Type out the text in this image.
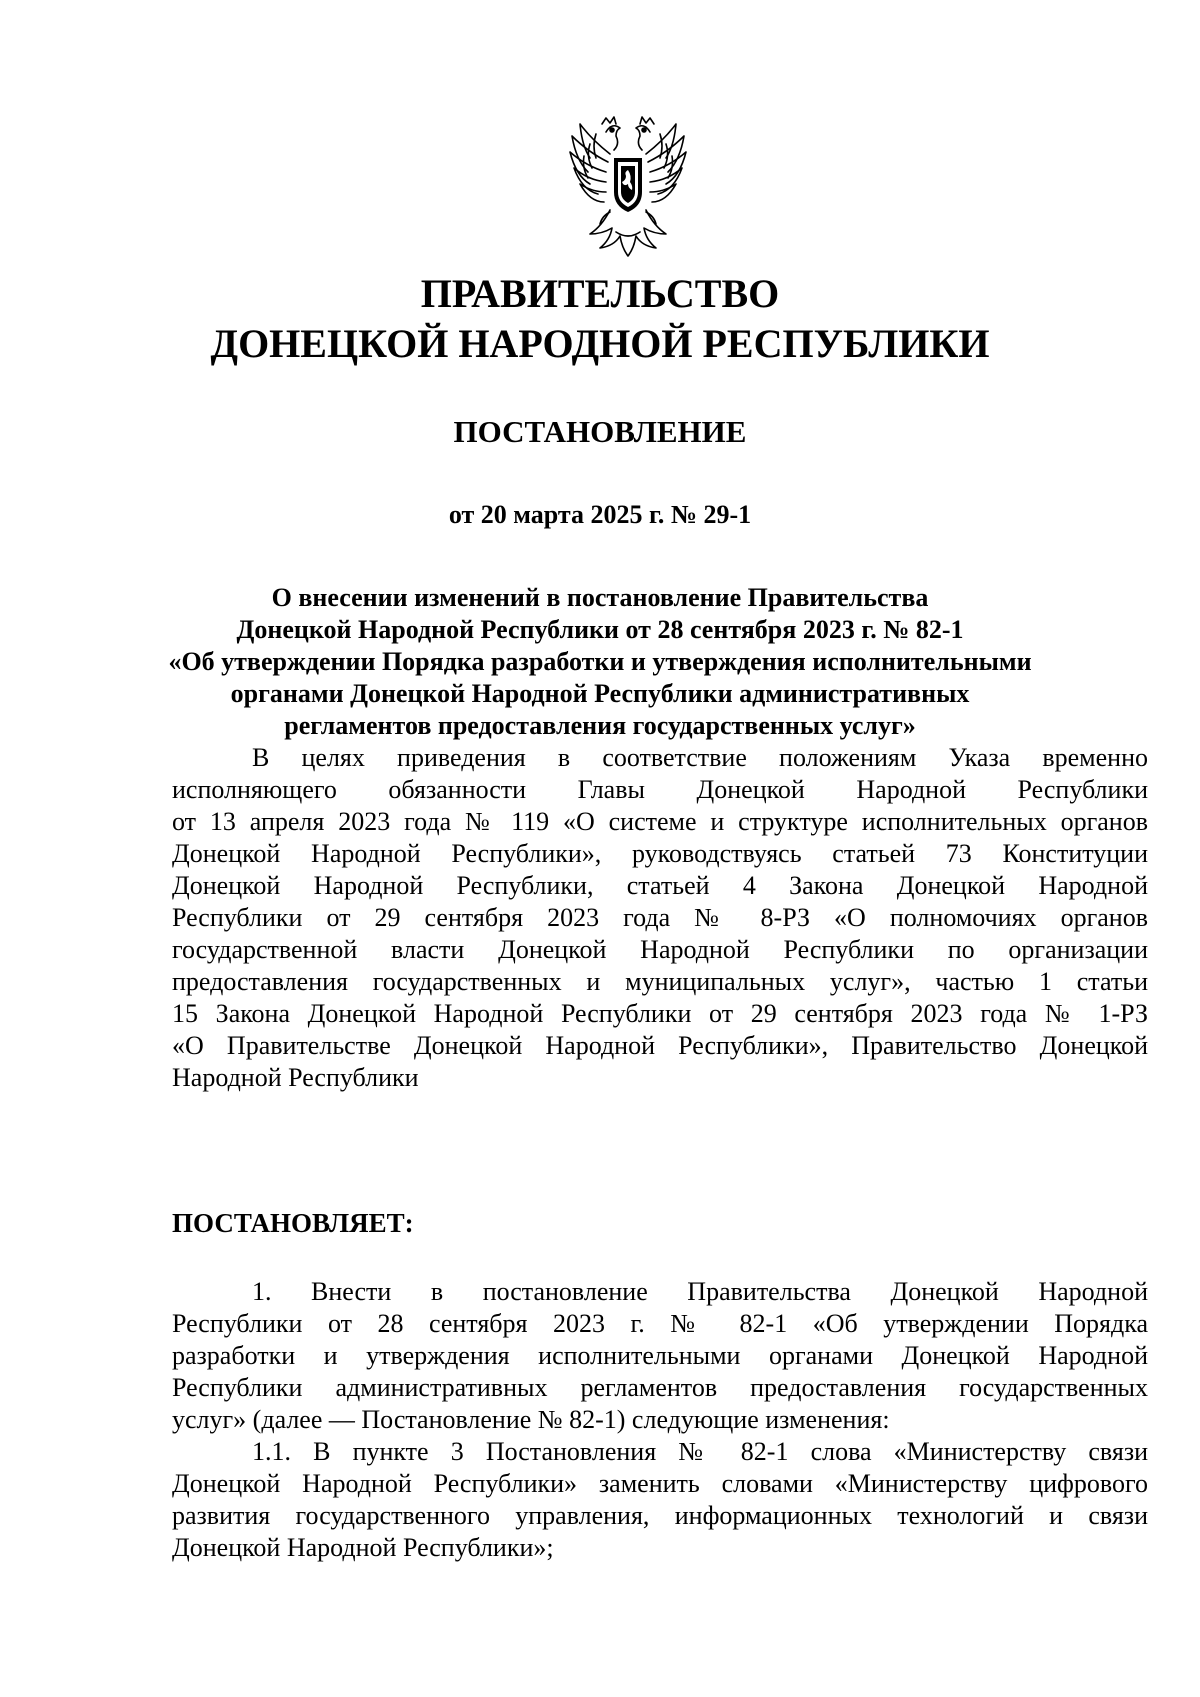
ПРАВИТЕЛЬСТВО
ДОНЕЦКОЙ НАРОДНОЙ РЕСПУБЛИКИ
ПОСТАНОВЛЕНИЕ
от 20 марта 2025 г. № 29-1
О внесении изменений в постановление Правительства
Донецкой Народной Республики от 28 сентября 2023 г. № 82-1
«Об утверждении Порядка разработки и утверждения исполнительными
органами Донецкой Народной Республики административных
регламентов предоставления государственных услуг»
В целях приведения в соответствие положениям Указа временно
исполняющего обязанности Главы Донецкой Народной Республики
от 13 апреля 2023 года № 119 «О системе и структуре исполнительных органов
Донецкой Народной Республики», руководствуясь статьей 73 Конституции
Донецкой Народной Республики, статьей 4 Закона Донецкой Народной
Республики от 29 сентября 2023 года № 8-РЗ «О полномочиях органов
государственной власти Донецкой Народной Республики по организации
предоставления государственных и муниципальных услуг», частью 1 статьи
15 Закона Донецкой Народной Республики от 29 сентября 2023 года № 1-РЗ
«О Правительстве Донецкой Народной Республики», Правительство Донецкой
Народной Республики
ПОСТАНОВЛЯЕТ:
1. Внести в постановление Правительства Донецкой Народной
Республики от 28 сентября 2023 г. № 82-1 «Об утверждении Порядка
разработки и утверждения исполнительными органами Донецкой Народной
Республики административных регламентов предоставления государственных
услуг» (далее — Постановление № 82-1) следующие изменения:
1.1. В пункте 3 Постановления № 82-1 слова «Министерству связи
Донецкой Народной Республики» заменить словами «Министерству цифрового
развития государственного управления, информационных технологий и связи
Донецкой Народной Республики»;
